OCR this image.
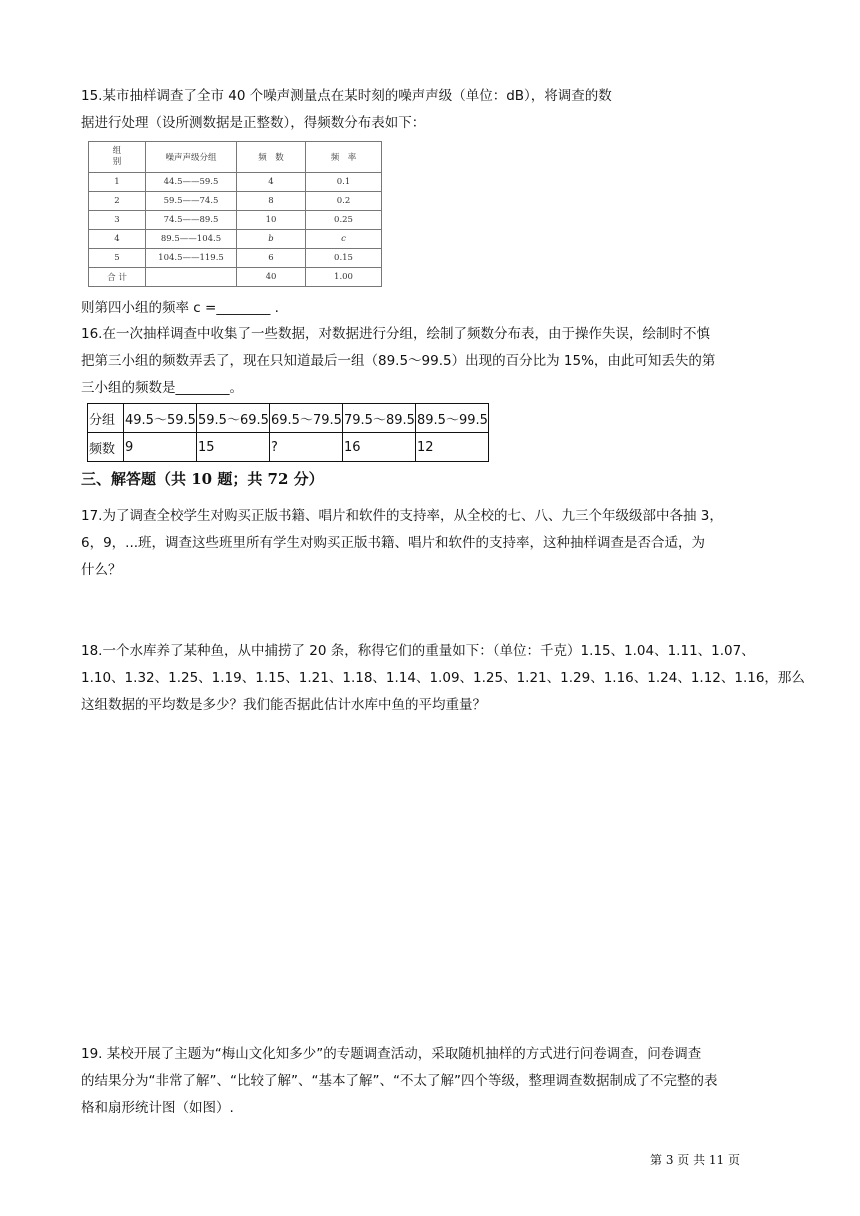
15.某市抽样调查了全市 40 个噪声测量点在某时刻的噪声声级（单位：dB），将调查的数
据进行处理（设所测数据是正整数），得频数分布表如下：
组
别	噪声声级分组	频　数	频　率
1	44.5——59.5	4	0.1
2	59.5——74.5	8	0.2
3	74.5——89.5	10	0.25
4	89.5——104.5	b	c
5	104.5——119.5	6	0.15
合 计		40	1.00
则第四小组的频率 c =________ .
16.在一次抽样调查中收集了一些数据，对数据进行分组，绘制了频数分布表，由于操作失误，绘制时不慎
把第三小组的频数弄丢了，现在只知道最后一组（89.5～99.5）出现的百分比为 15%，由此可知丢失的第
三小组的频数是________。
分组	49.5～59.5	59.5～69.5	69.5～79.5	79.5～89.5	89.5～99.5
频数	9	15	?	16	12
三、解答题（共 10 题；共 72 分）
17.为了调查全校学生对购买正版书籍、唱片和软件的支持率，从全校的七、八、九三个年级级部中各抽 3，
6，9，...班，调查这些班里所有学生对购买正版书籍、唱片和软件的支持率，这种抽样调查是否合适，为
什么？
18.一个水库养了某种鱼，从中捕捞了 20 条，称得它们的重量如下：（单位：千克）1.15、1.04、1.11、1.07、
1.10、1.32、1.25、1.19、1.15、1.21、1.18、1.14、1.09、1.25、1.21、1.29、1.16、1.24、1.12、1.16，那么
这组数据的平均数是多少？我们能否据此估计水库中鱼的平均重量？
19. 某校开展了主题为“梅山文化知多少”的专题调查活动，采取随机抽样的方式进行问卷调查，问卷调查
的结果分为“非常了解”、“比较了解”、“基本了解”、“不太了解”四个等级，整理调查数据制成了不完整的表
格和扇形统计图（如图）.
第 3 页 共 11 页
